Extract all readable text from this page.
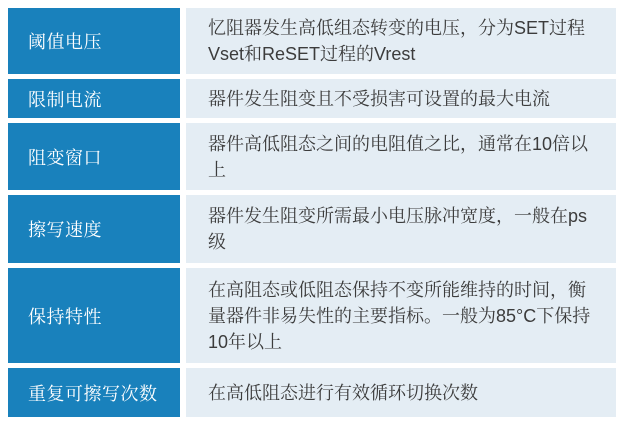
阈值电压
忆阻器发生高低组态转变的电压，分为SET过程Vset和ReSET过程的Vrest
限制电流	器件发生阻变且不受损害可设置的最大电流
阻变窗口
器件高低阻态之间的电阻值之比，通常在10倍以上
擦写速度
器件发生阻变所需最小电压脉冲宽度，一般在ps级
保持特性
在高阻态或低阻态保持不变所能维持的时间，衡量器件非易失性的主要指标。一般为85°C下保持10年以上
重复可擦写次数	在高低阻态进行有效循环切换次数
